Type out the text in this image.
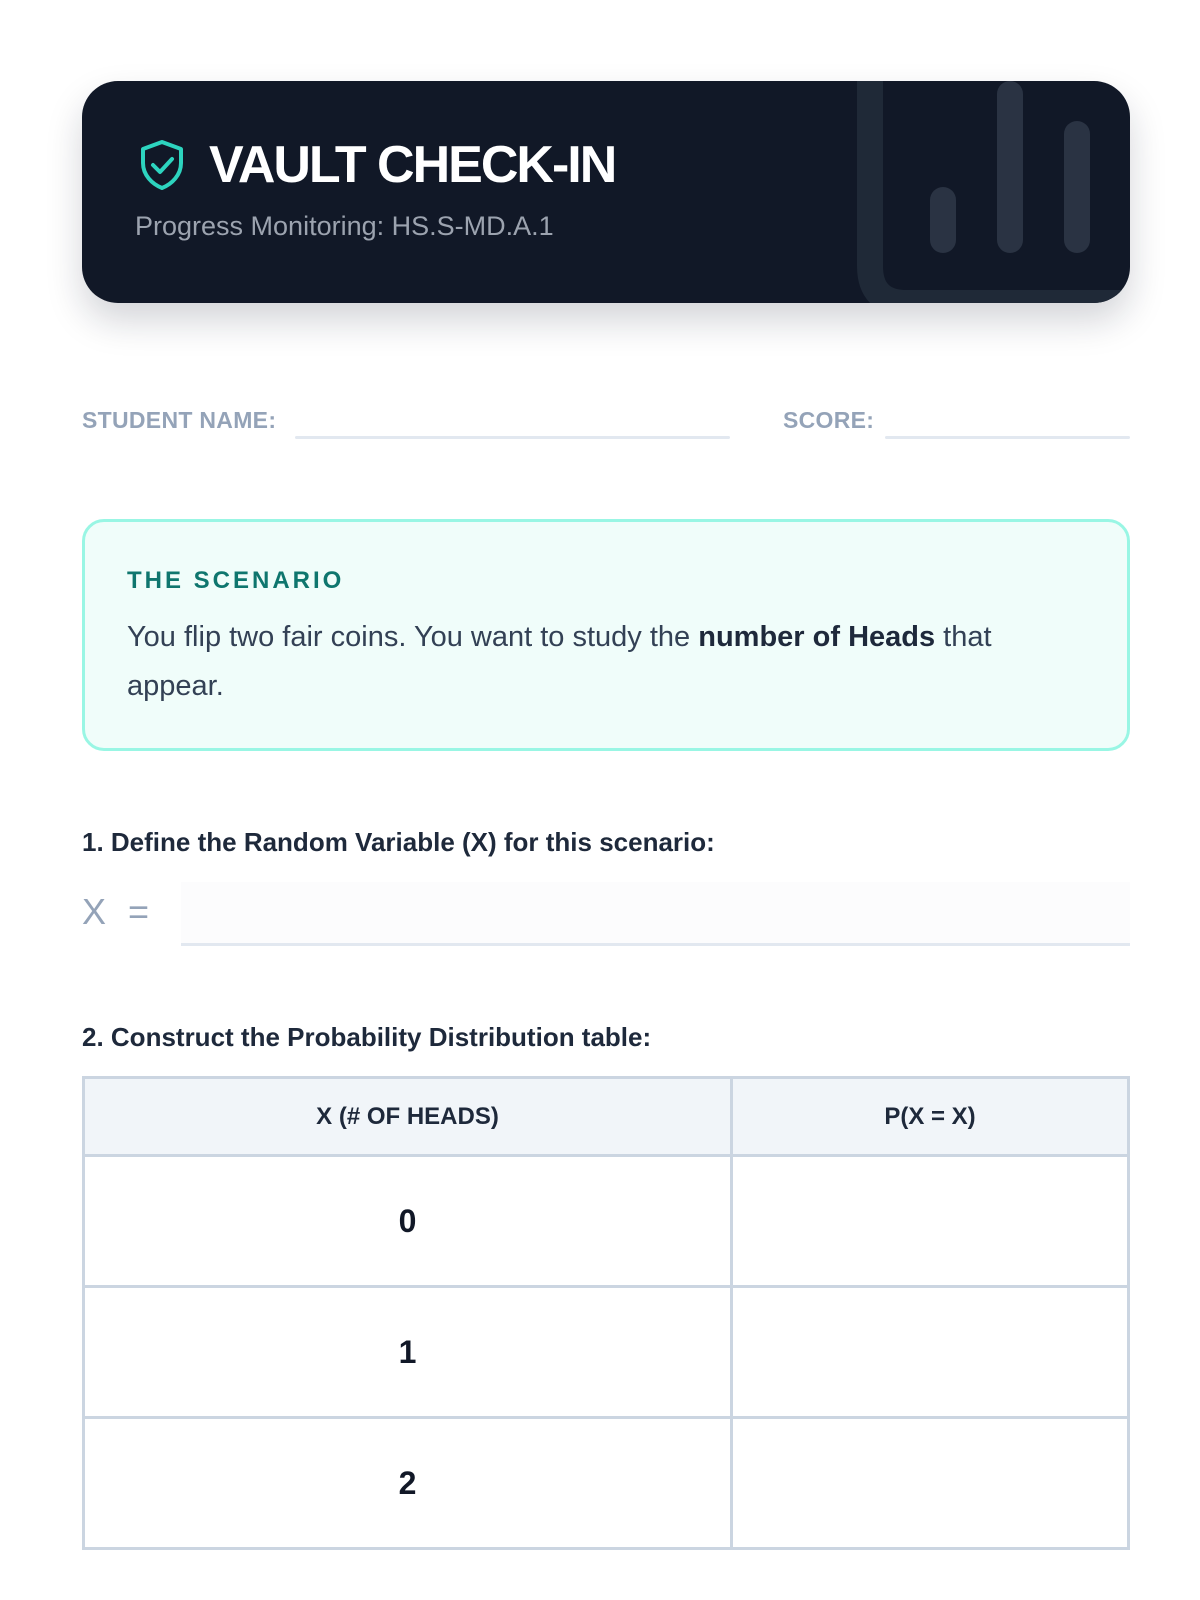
VAULT CHECK-IN
Progress Monitoring: HS.S-MD.A.1
STUDENT NAME:	SCORE:
THE SCENARIO
You flip two fair coins. You want to study the number of Heads that appear.
1. Define the Random Variable (X) for this scenario:
X =
2. Construct the Probability Distribution table:
X (# OF HEADS)	P(X = X)
0	
1	
2	
